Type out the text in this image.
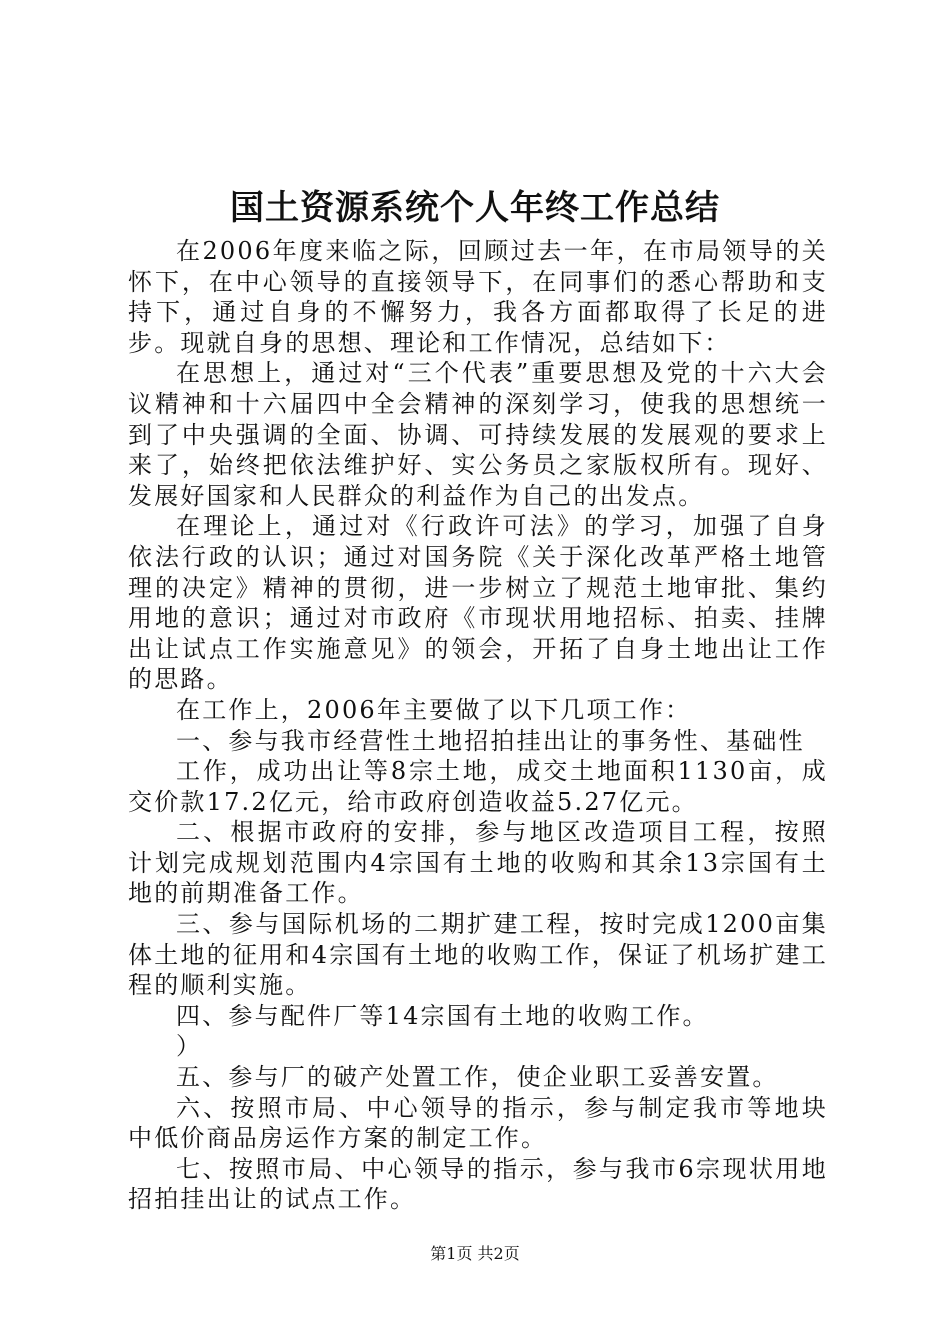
国土资源系统个人年终工作总结

在2006年度来临之际，回顾过去一年，在市局领导的关怀下，在中心领导的直接领导下，在同事们的悉心帮助和支持下，通过自身的不懈努力，我各方面都取得了长足的进步。现就自身的思想、理论和工作情况，总结如下：

在思想上，通过对“三个代表”重要思想及党的十六大会议精神和十六届四中全会精神的深刻学习，使我的思想统一到了中央强调的全面、协调、可持续发展的发展观的要求上来了，始终把依法维护好、实公务员之家版权所有。现好、发展好国家和人民群众的利益作为自己的出发点。

在理论上，通过对《行政许可法》的学习，加强了自身依法行政的认识；通过对国务院《关于深化改革严格土地管理的决定》精神的贯彻，进一步树立了规范土地审批、集约用地的意识；通过对市政府《市现状用地招标、拍卖、挂牌出让试点工作实施意见》的领会，开拓了自身土地出让工作的思路。

在工作上，2006年主要做了以下几项工作：

一、参与我市经营性土地招拍挂出让的事务性、基础性

工作，成功出让等8宗土地，成交土地面积1130亩，成交价款17.2亿元，给市政府创造收益5.27亿元。

二、根据市政府的安排，参与地区改造项目工程，按照计划完成规划范围内4宗国有土地的收购和其余13宗国有土地的前期准备工作。

三、参与国际机场的二期扩建工程，按时完成1200亩集体土地的征用和4宗国有土地的收购工作，保证了机场扩建工程的顺利实施。

四、参与配件厂等14宗国有土地的收购工作。

）

五、参与厂的破产处置工作，使企业职工妥善安置。

六、按照市局、中心领导的指示，参与制定我市等地块中低价商品房运作方案的制定工作。

七、按照市局、中心领导的指示，参与我市6宗现状用地招拍挂出让的试点工作。

第1页 共2页
